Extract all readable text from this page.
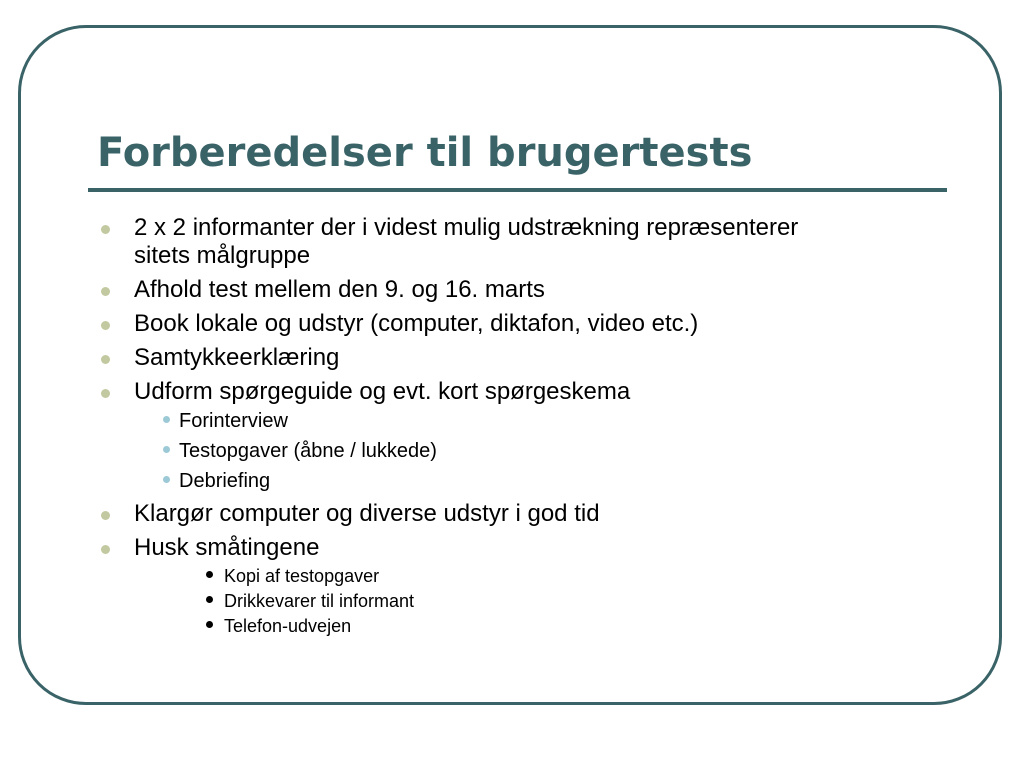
Forberedelser til brugertests
2 x 2 informanter der i videst mulig udstrækning repræsenterer
sitets målgruppe
Afhold test mellem den 9. og 16. marts
Book lokale og udstyr (computer, diktafon, video etc.)
Samtykkeerklæring
Udform spørgeguide og evt. kort spørgeskema
Forinterview
Testopgaver (åbne / lukkede)
Debriefing
Klargør computer og diverse udstyr i god tid
Husk småtingene
Kopi af testopgaver
Drikkevarer til informant
Telefon-udvejen
